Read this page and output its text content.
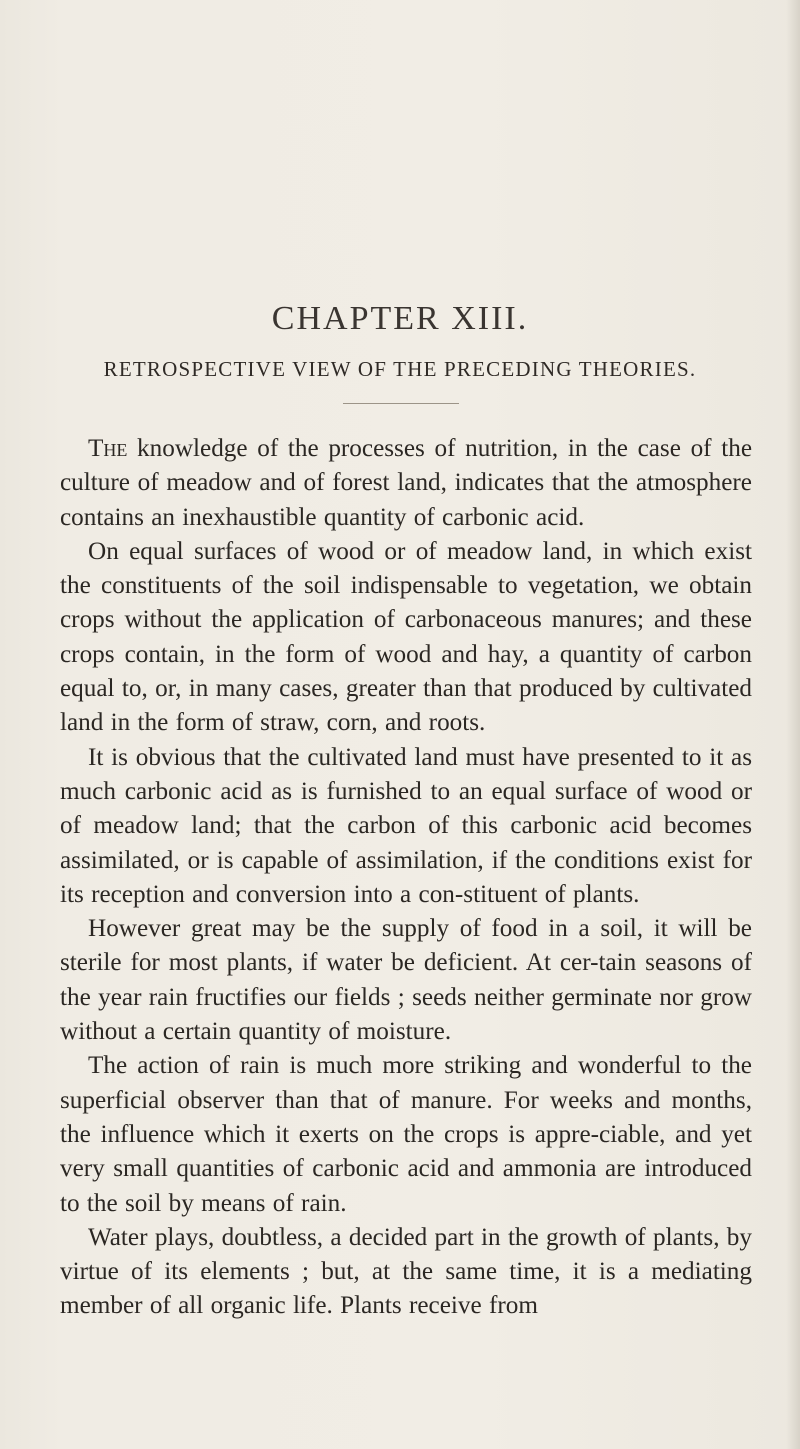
CHAPTER XIII.
RETROSPECTIVE VIEW OF THE PRECEDING THEORIES.

The knowledge of the processes of nutrition, in the case of the culture of meadow and of forest land, indicates that the atmosphere contains an inexhaustible quantity of carbonic acid.

On equal surfaces of wood or of meadow land, in which exist the constituents of the soil indispensable to vegetation, we obtain crops without the application of carbonaceous manures; and these crops contain, in the form of wood and hay, a quantity of carbon equal to, or, in many cases, greater than that produced by cultivated land in the form of straw, corn, and roots.

It is obvious that the cultivated land must have presented to it as much carbonic acid as is furnished to an equal surface of wood or of meadow land; that the carbon of this carbonic acid becomes assimilated, or is capable of assimilation, if the conditions exist for its reception and conversion into a con-stituent of plants.

However great may be the supply of food in a soil, it will be sterile for most plants, if water be deficient. At cer-tain seasons of the year rain fructifies our fields ; seeds neither germinate nor grow without a certain quantity of moisture.

The action of rain is much more striking and wonderful to the superficial observer than that of manure. For weeks and months, the influence which it exerts on the crops is appre-ciable, and yet very small quantities of carbonic acid and ammonia are introduced to the soil by means of rain.

Water plays, doubtless, a decided part in the growth of plants, by virtue of its elements ; but, at the same time, it is a mediating member of all organic life. Plants receive from
